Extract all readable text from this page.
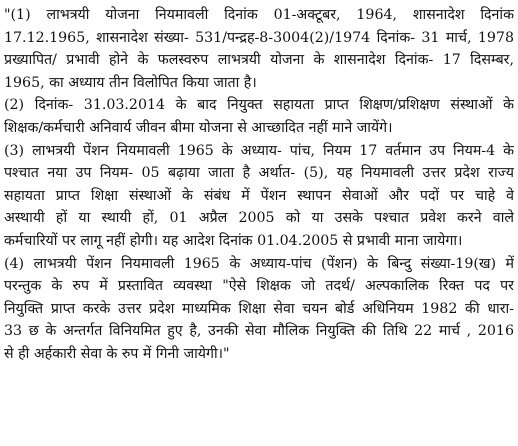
"(1) लाभत्रयी योजना नियमावली दिनांक 01-अक्टूबर, 1964, शासनादेश दिनांक
17.12.1965, शासनादेश संख्या- 531/पन्द्रह-8-3004(2)/1974 दिनांक- 31 मार्च, 1978
प्रख्यापित/ प्रभावी होने के फलस्वरुप लाभत्रयी योजना के शासनादेश दिनांक- 17 दिसम्बर,
1965, का अध्याय तीन विलोपित किया जाता है।
(2) दिनांक- 31.03.2014 के बाद नियुक्त सहायता प्राप्त शिक्षण/प्रशिक्षण संस्थाओं के
शिक्षक/कर्मचारी अनिवार्य जीवन बीमा योजना से आच्छादित नहीं माने जायेंगे।
(3) लाभत्रयी पेंशन नियमावली 1965 के अध्याय- पांच, नियम 17 वर्तमान उप नियम-4 के
पश्चात नया उप नियम- 05 बढ़ाया जाता है अर्थात- (5), यह नियमावली उत्तर प्रदेश राज्य
सहायता प्राप्त शिक्षा संस्थाओं के संबंध में पेंशन स्थापन सेवाओं और पदों पर चाहे वे
अस्थायी हों या स्थायी हों, 01 अप्रैल 2005 को या उसके पश्चात प्रवेश करने वाले
कर्मचारियों पर लागू नहीं होगी। यह आदेश दिनांक 01.04.2005 से प्रभावी माना जायेगा।
(4) लाभत्रयी पेंशन नियमावली 1965 के अध्याय-पांच (पेंशन) के बिन्दु संख्या-19(ख) में
परन्तुक के रुप में प्रस्तावित व्यवस्था "ऐसे शिक्षक जो तदर्थ/ अल्पकालिक रिक्त पद पर
नियुक्ति प्राप्त करके उत्तर प्रदेश माध्यमिक शिक्षा सेवा चयन बोर्ड अधिनियम 1982 की धारा-
33 छ के अन्तर्गत विनियमित हुए है, उनकी सेवा मौलिक नियुक्ति की तिथि 22 मार्च , 2016
से ही अर्हकारी सेवा के रुप में गिनी जायेगी।"
